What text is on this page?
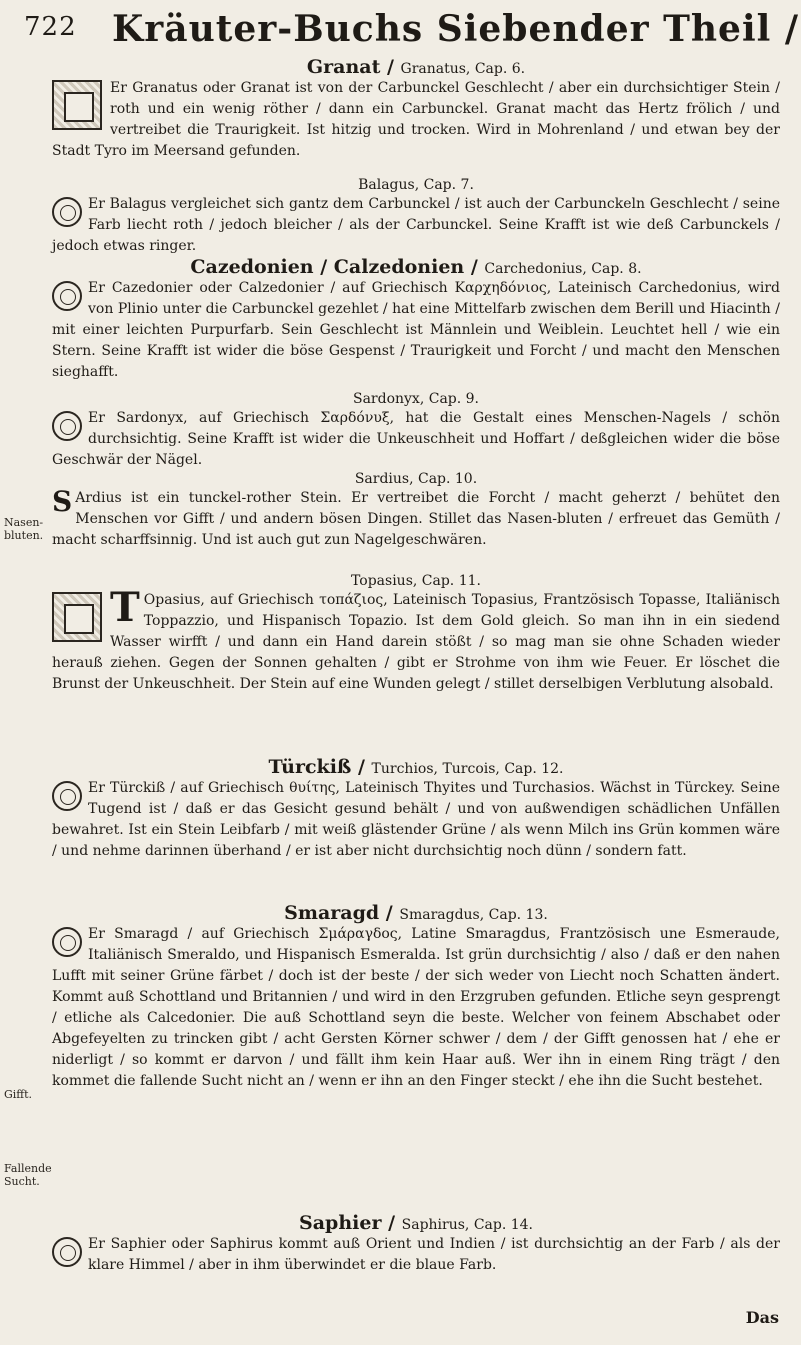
722 Kräuter-Buchs Siebender Theil /
Nasen-bluten.
Gifft.
Fallende Sucht.
Granat / Granatus, Cap. 6.
Er Granatus oder Granat ist von der Carbunckel Geschlecht / aber ein durchsichtiger Stein / roth und ein wenig röther / dann ein Carbunckel. Granat macht das Hertz frölich / und vertreibet die Traurigkeit. Ist hitzig und trocken. Wird in Mohrenland / und etwan bey der Stadt Tyro im Meersand gefunden.
Balagus, Cap. 7.
Er Balagus vergleichet sich gantz dem Carbunckel / ist auch der Carbunckeln Geschlecht / seine Farb liecht roth / jedoch bleicher / als der Carbunckel. Seine Krafft ist wie deß Carbunckels / jedoch etwas ringer.
Cazedonien / Calzedonien / Carchedonius, Cap. 8.
Er Cazedonier oder Calzedonier / auf Griechisch Καρχηδόνιος, Lateinisch Carchedonius, wird von Plinio unter die Carbunckel gezehlet / hat eine Mittelfarb zwischen dem Berill und Hiacinth / mit einer leichten Purpurfarb. Sein Geschlecht ist Männlein und Weiblein. Leuchtet hell / wie ein Stern. Seine Krafft ist wider die böse Gespenst / Traurigkeit und Forcht / und macht den Menschen sieghafft.
Sardonyx, Cap. 9.
Er Sardonyx, auf Griechisch Σαρδόνυξ, hat die Gestalt eines Menschen-Nagels / schön durchsichtig. Seine Krafft ist wider die Unkeuschheit und Hoffart / deßgleichen wider die böse Geschwär der Nägel.
Sardius, Cap. 10.
S Ardius ist ein tunckel-rother Stein. Er vertreibet die Forcht / macht geherzt / behütet den Menschen vor Gifft / und andern bösen Dingen. Stillet das Nasen-bluten / erfreuet das Gemüth / macht scharffsinnig. Und ist auch gut zun Nagelgeschwären.
Topasius, Cap. 11.
T Opasius, auf Griechisch τοπάζιος, Lateinisch Topasius, Frantzösisch Topasse, Italiänisch Toppazzio, und Hispanisch Topazio. Ist dem Gold gleich. So man ihn in ein siedend Wasser wirfft / und dann ein Hand darein stößt / so mag man sie ohne Schaden wieder herauß ziehen. Gegen der Sonnen gehalten / gibt er Strohme von ihm wie Feuer. Er löschet die Brunst der Unkeuschheit. Der Stein auf eine Wunden gelegt / stillet derselbigen Verblutung alsobald.
Türckiß / Turchios, Turcois, Cap. 12.
Er Türckiß / auf Griechisch θυίτης, Lateinisch Thyites und Turchasios. Wächst in Türckey. Seine Tugend ist / daß er das Gesicht gesund behält / und von außwendigen schädlichen Unfällen bewahret. Ist ein Stein Leibfarb / mit weiß glästender Grüne / als wenn Milch ins Grün kommen wäre / und nehme darinnen überhand / er ist aber nicht durchsichtig noch dünn / sondern fatt.
Smaragd / Smaragdus, Cap. 13.
Er Smaragd / auf Griechisch Σμάραγδος, Latine Smaragdus, Frantzösisch une Esmeraude, Italiänisch Smeraldo, und Hispanisch Esmeralda. Ist grün durchsichtig / also / daß er den nahen Lufft mit seiner Grüne färbet / doch ist der beste / der sich weder von Liecht noch Schatten ändert. Kommt auß Schottland und Britannien / und wird in den Erzgruben gefunden. Etliche seyn gesprengt / etliche als Calcedonier. Die auß Schottland seyn die beste. Welcher von feinem Abschabet oder Abgefeyelten zu trincken gibt / acht Gersten Körner schwer / dem / der Gifft genossen hat / ehe er niderligt / so kommt er darvon / und fällt ihm kein Haar auß. Wer ihn in einem Ring trägt / den kommet die fallende Sucht nicht an / wenn er ihn an den Finger steckt / ehe ihn die Sucht bestehet.
Saphier / Saphirus, Cap. 14.
Er Saphier oder Saphirus kommt auß Orient und Indien / ist durchsichtig an der Farb / als der klare Himmel / aber in ihm überwindet er die blaue Farb.
Das
